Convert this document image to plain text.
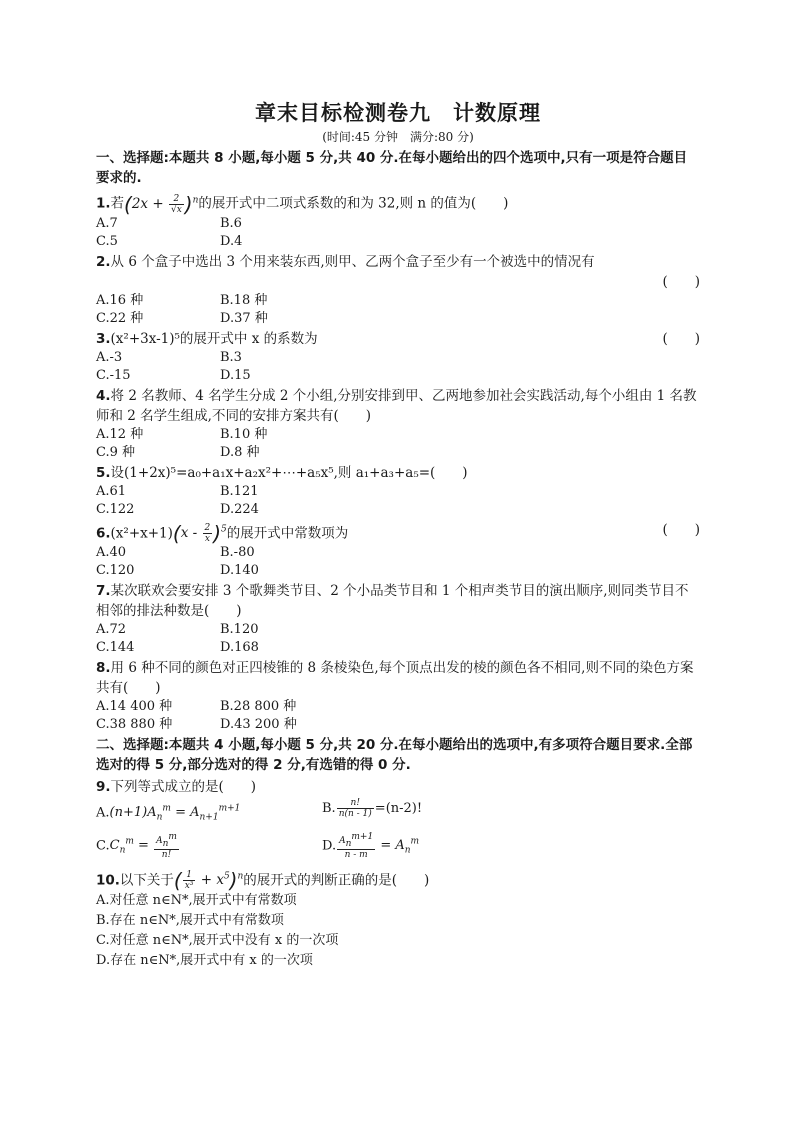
章末目标检测卷九　计数原理
(时间:45 分钟　满分:80 分)
一、选择题:本题共 8 小题,每小题 5 分,共 40 分.在每小题给出的四个选项中,只有一项是符合题目要求的.
1.若$(2x + \frac{2}{√x} )^n$的展开式中二项式系数的和为 32,则 n 的值为(　　)
A.7	B.6
C.5	D.4
2.从 6 个盒子中选出 3 个用来装东西,则甲、乙两个盒子至少有一个被选中的情况有
(　　)
A.16 种	B.18 种
C.22 种	D.37 种
(　　)
3.(x²+3x-1)⁵的展开式中 x 的系数为
A.-3	B.3
C.-15	D.15
4.将 2 名教师、4 名学生分成 2 个小组,分别安排到甲、乙两地参加社会实践活动,每个小组由 1 名教师和 2 名学生组成,不同的安排方案共有(　　)
A.12 种	B.10 种
C.9 种	D.8 种
5.设(1+2x)⁵=a₀+a₁x+a₂x²+⋯+a₅x⁵,则 a₁+a₃+a₅=(　　)
A.61	B.121
C.122	D.224
(　　)
$6.(x^2+x+1)(x - \frac{2}{x} )^5$的展开式中常数项为
A.40	B.-80
C.120	D.140
7.某次联欢会要安排 3 个歌舞类节目、2 个小品类节目和 1 个相声类节目的演出顺序,则同类节目不相邻的排法种数是(　　)
A.72	B.120
C.144	D.168
8.用 6 种不同的颜色对正四棱锥的 8 条棱染色,每个顶点出发的棱的颜色各不相同,则不同的染色方案共有(　　)
A.14 400 种	B.28 800 种
C.38 880 种	D.43 200 种
二、选择题:本题共 4 小题,每小题 5 分,共 20 分.在每小题给出的选项中,有多项符合题目要求.全部选对的得 5 分,部分选对的得 2 分,有选错的得 0 分.
9.下列等式成立的是(　　)
$A.(n+1)A_n^m = A_{n+1}^{m+1}$	B. $\frac{n!}{n(n - 1)} =(n-2)$!
$C.C_n^m = \frac{A_n^m}{n!}$	D. $\frac{A_n^{m+1}}{n - m} = A_n^m$
10.以下关于( $\frac{1}{\text{x³}} + x^5)^n$的展开式的判断正确的是(　　)
A.对任意 n∈N*,展开式中有常数项
B.存在 n∈N*,展开式中有常数项
C.对任意 n∈N*,展开式中没有 x 的一次项
D.存在 n∈N*,展开式中有 x 的一次项
